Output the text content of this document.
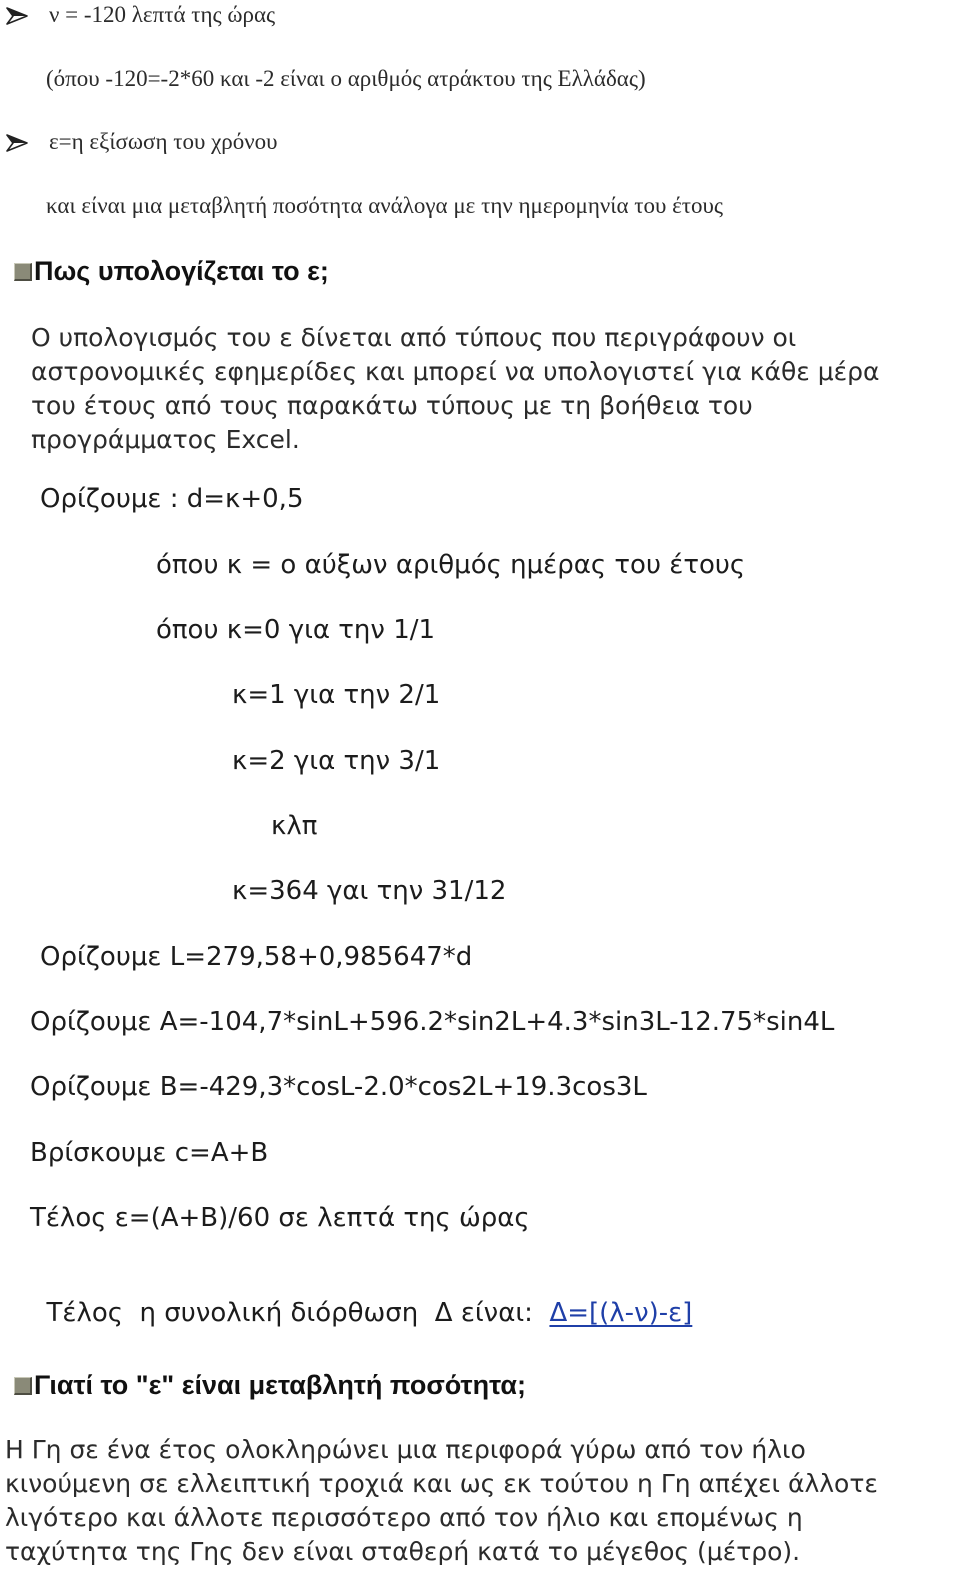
ν = -120 λεπτά της ώρας
(όπου -120=-2*60 και -2 είναι ο αριθμός ατράκτου της Ελλάδας)
ε=η εξίσωση του χρόνου
και είναι μια μεταβλητή ποσότητα ανάλογα με την ημερομηνία του έτους
Πως υπολογίζεται το ε;
Ο υπολογισμός του ε δίνεται από τύπους που περιγράφουν οι
αστρονομικές εφημερίδες και μπορεί να υπολογιστεί για κάθε μέρα
του έτους από τους παρακάτω τύπους με τη βοήθεια του
προγράμματος Excel.
Ορίζουμε : d=κ+0,5
όπου κ = ο αύξων αριθμός ημέρας του έτους
όπου κ=0 για την 1/1
κ=1 για την 2/1
κ=2 για την 3/1
κλπ
κ=364 γαι την 31/12
Ορίζουμε L=279,58+0,985647*d
Ορίζουμε A=-104,7*sinL+596.2*sin2L+4.3*sin3L-12.75*sin4L
Ορίζουμε B=-429,3*cosL-2.0*cos2L+19.3cos3L
Βρίσκουμε c=A+B
Τέλος ε=(A+B)/60 σε λεπτά της ώρας

Τέλος  η συνολική διόρθωση  Δ είναι: Δ=[(λ-ν)-ε]

Γιατί το "ε" είναι μεταβλητή ποσότητα;
Η Γη σε ένα έτος ολοκληρώνει μια περιφορά γύρω από τον ήλιο
κινούμενη σε ελλειπτική τροχιά και ως εκ τούτου η Γη απέχει άλλοτε
λιγότερο και άλλοτε περισσότερο από τον ήλιο και επομένως η
ταχύτητα της Γης δεν είναι σταθερή κατά το μέγεθος (μέτρο).
